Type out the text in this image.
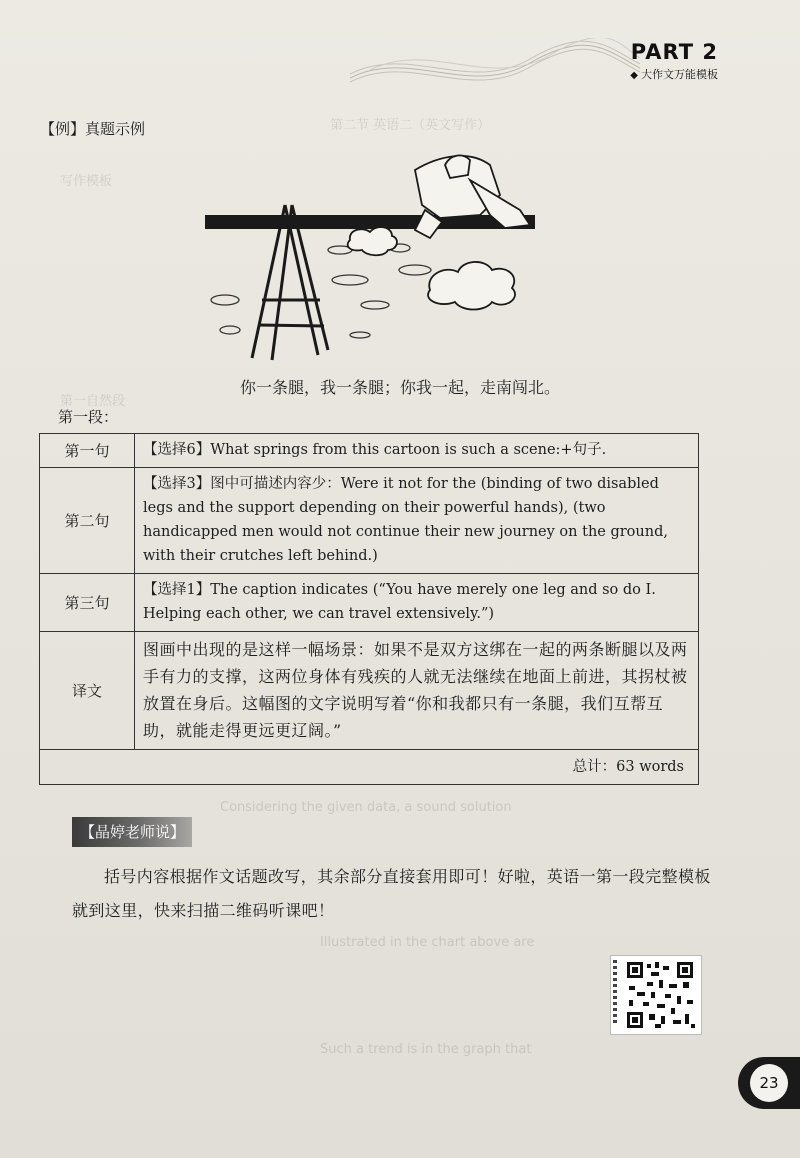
第二节 英语二（英文写作）
写作模板
第一自然段
Considering the given data, a sound solution
Illustrated in the chart above are
Such a trend is in the graph that
PART 2
◆ 大作文万能模板
【例】真题示例
你一条腿，我一条腿；你我一起，走南闯北。
第一段：
第一句	【选择6】What springs from this cartoon is such a scene:+句子.
第二句	【选择3】图中可描述内容少：Were it not for the (binding of two disabled legs and the support depending on their powerful hands), (two handicapped men would not continue their new journey on the ground, with their crutches left behind.)
第三句	【选择1】The caption indicates (“You have merely one leg and so do I. Helping each other, we can travel extensively.”)
译文	图画中出现的是这样一幅场景：如果不是双方这绑在一起的两条断腿以及两手有力的支撑，这两位身体有残疾的人就无法继续在地面上前进，其拐杖被放置在身后。这幅图的文字说明写着“你和我都只有一条腿，我们互帮互助，就能走得更远更辽阔。”
总计：63 words	
【晶婷老师说】
括号内容根据作文话题改写，其余部分直接套用即可！好啦，英语一第一段完整模板就到这里，快来扫描二维码听课吧！
23
